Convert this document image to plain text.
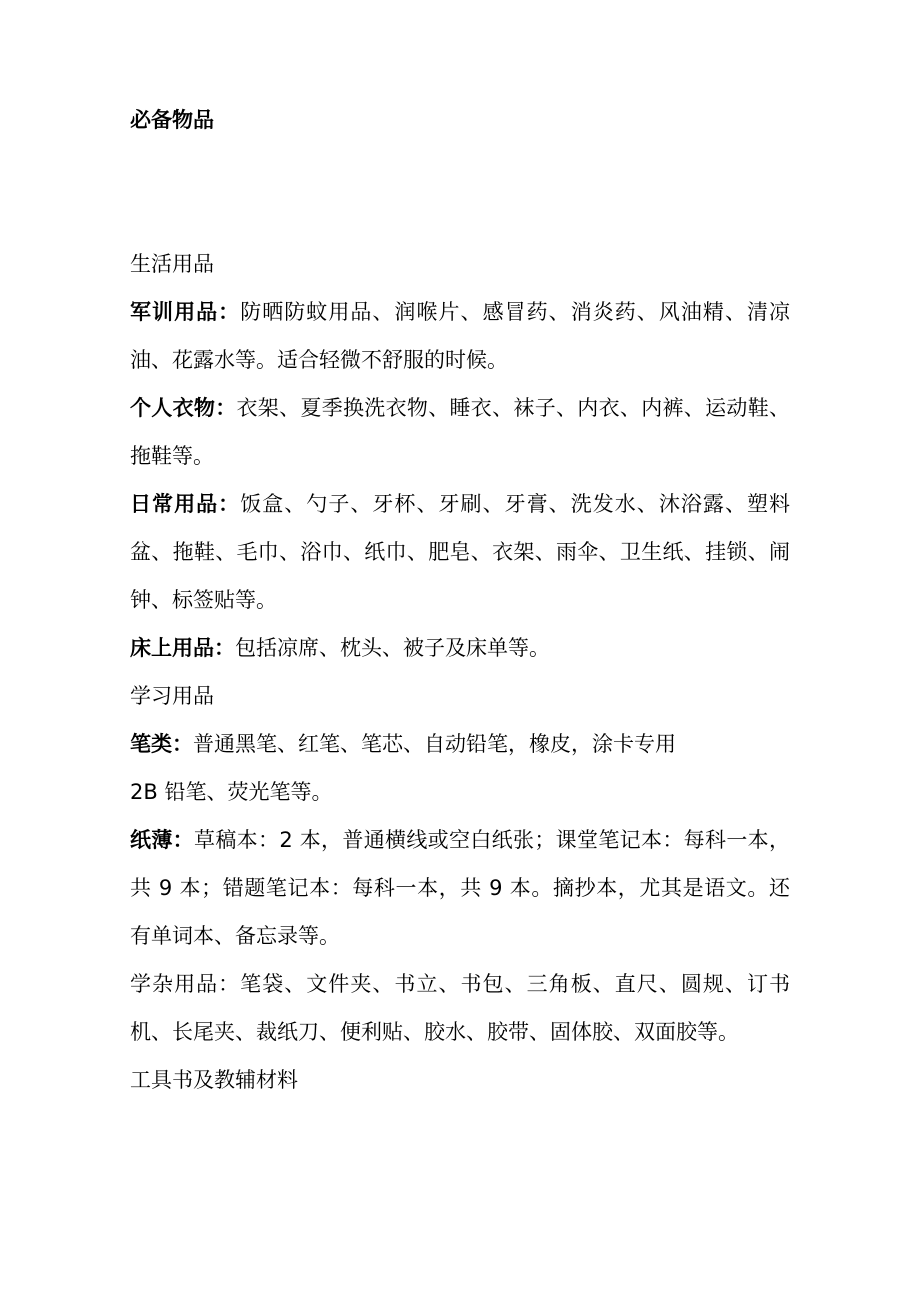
必备物品

生活用品

军训用品：防晒防蚊用品、润喉片、感冒药、消炎药、风油精、清凉油、花露水等。适合轻微不舒服的时候。

个人衣物：衣架、夏季换洗衣物、睡衣、袜子、内衣、内裤、运动鞋、拖鞋等。

日常用品：饭盒、勺子、牙杯、牙刷、牙膏、洗发水、沐浴露、塑料盆、拖鞋、毛巾、浴巾、纸巾、肥皂、衣架、雨伞、卫生纸、挂锁、闹钟、标签贴等。

床上用品：包括凉席、枕头、被子及床单等。

学习用品

笔类：普通黑笔、红笔、笔芯、自动铅笔，橡皮，涂卡专用
2B 铅笔、荧光笔等。

纸薄：草稿本：2 本，普通横线或空白纸张；课堂笔记本：每科一本，共 9 本；错题笔记本：每科一本，共 9 本。摘抄本，尤其是语文。还有单词本、备忘录等。

学杂用品：笔袋、文件夹、书立、书包、三角板、直尺、圆规、订书机、长尾夹、裁纸刀、便利贴、胶水、胶带、固体胶、双面胶等。

工具书及教辅材料
